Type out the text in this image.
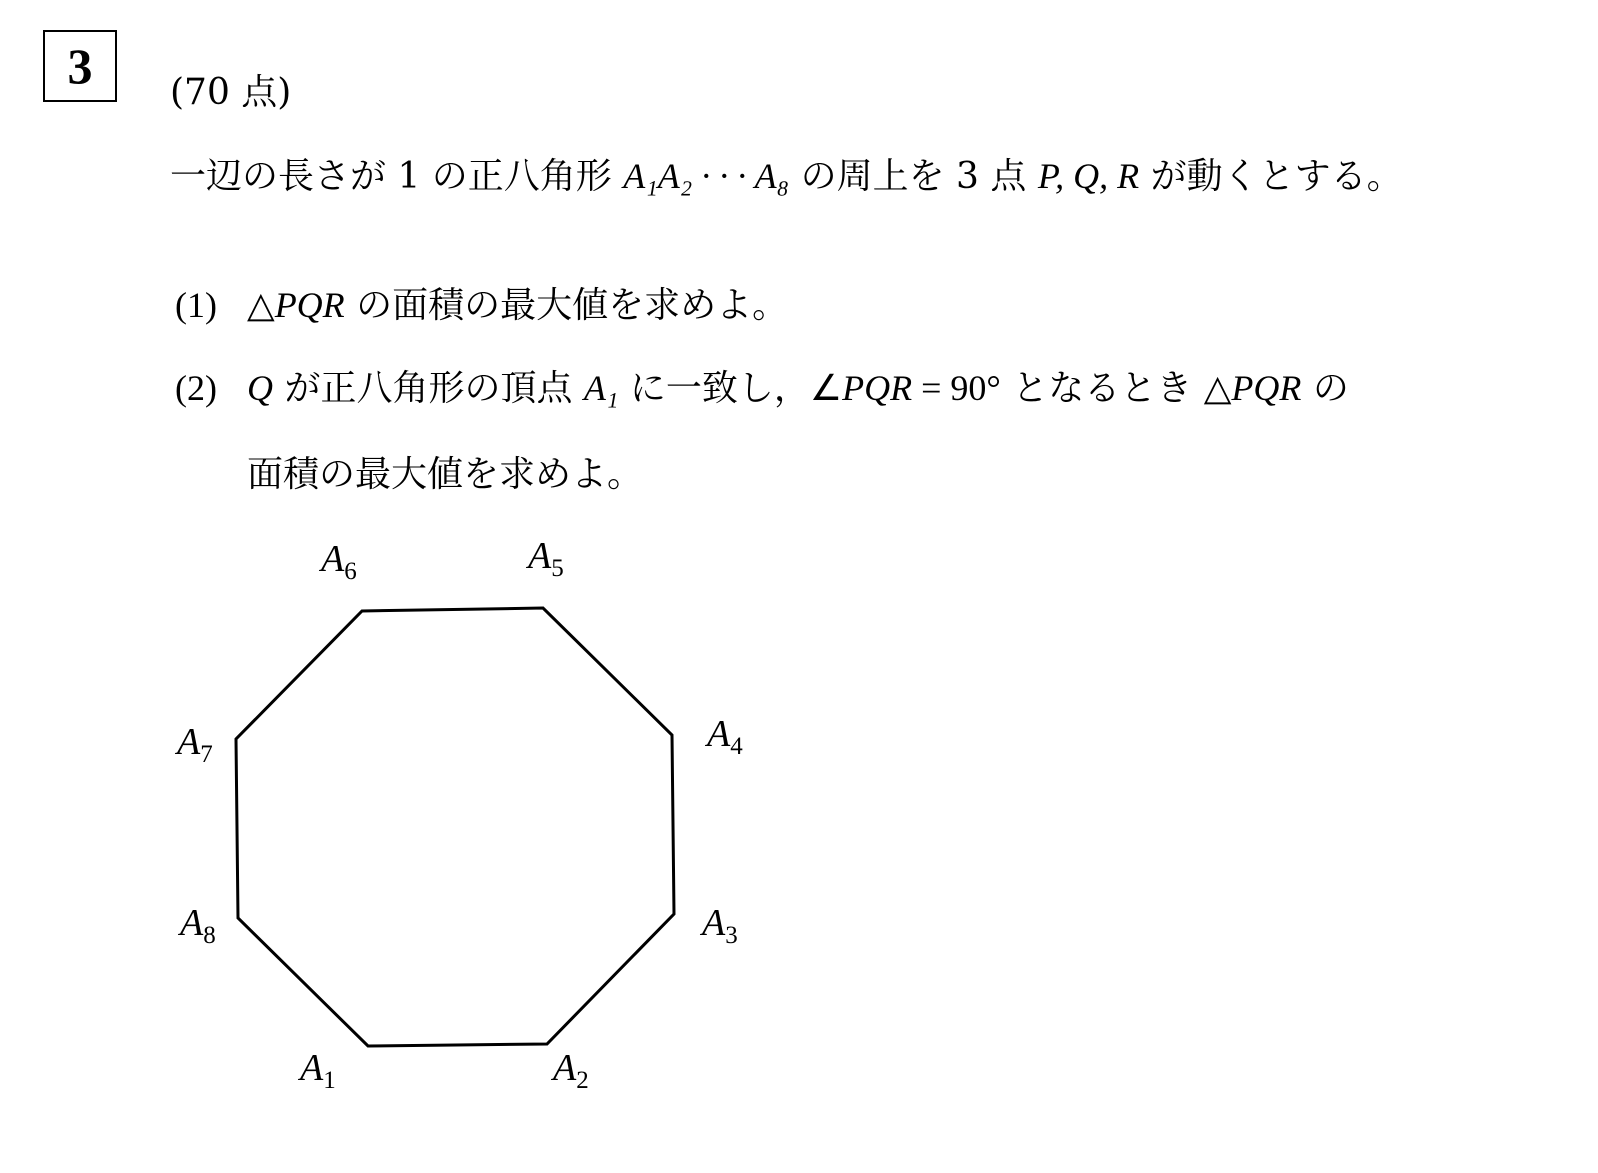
3	(70 点)
一辺の長さが 1 の正八角形 A₁A₂ · · · A₈ の周上を 3 点 P, Q, R が動くとする。
(1) △PQR の面積の最大値を求めよ。
(2) Q が正八角形の頂点 A₁ に一致し，∠PQR = 90° となるとき △PQR の
面積の最大値を求めよ。
$A_1$	$A_2$
$A_3$
$A_4$
$A_5$
$A_6$
$A_7$
$A_8$
